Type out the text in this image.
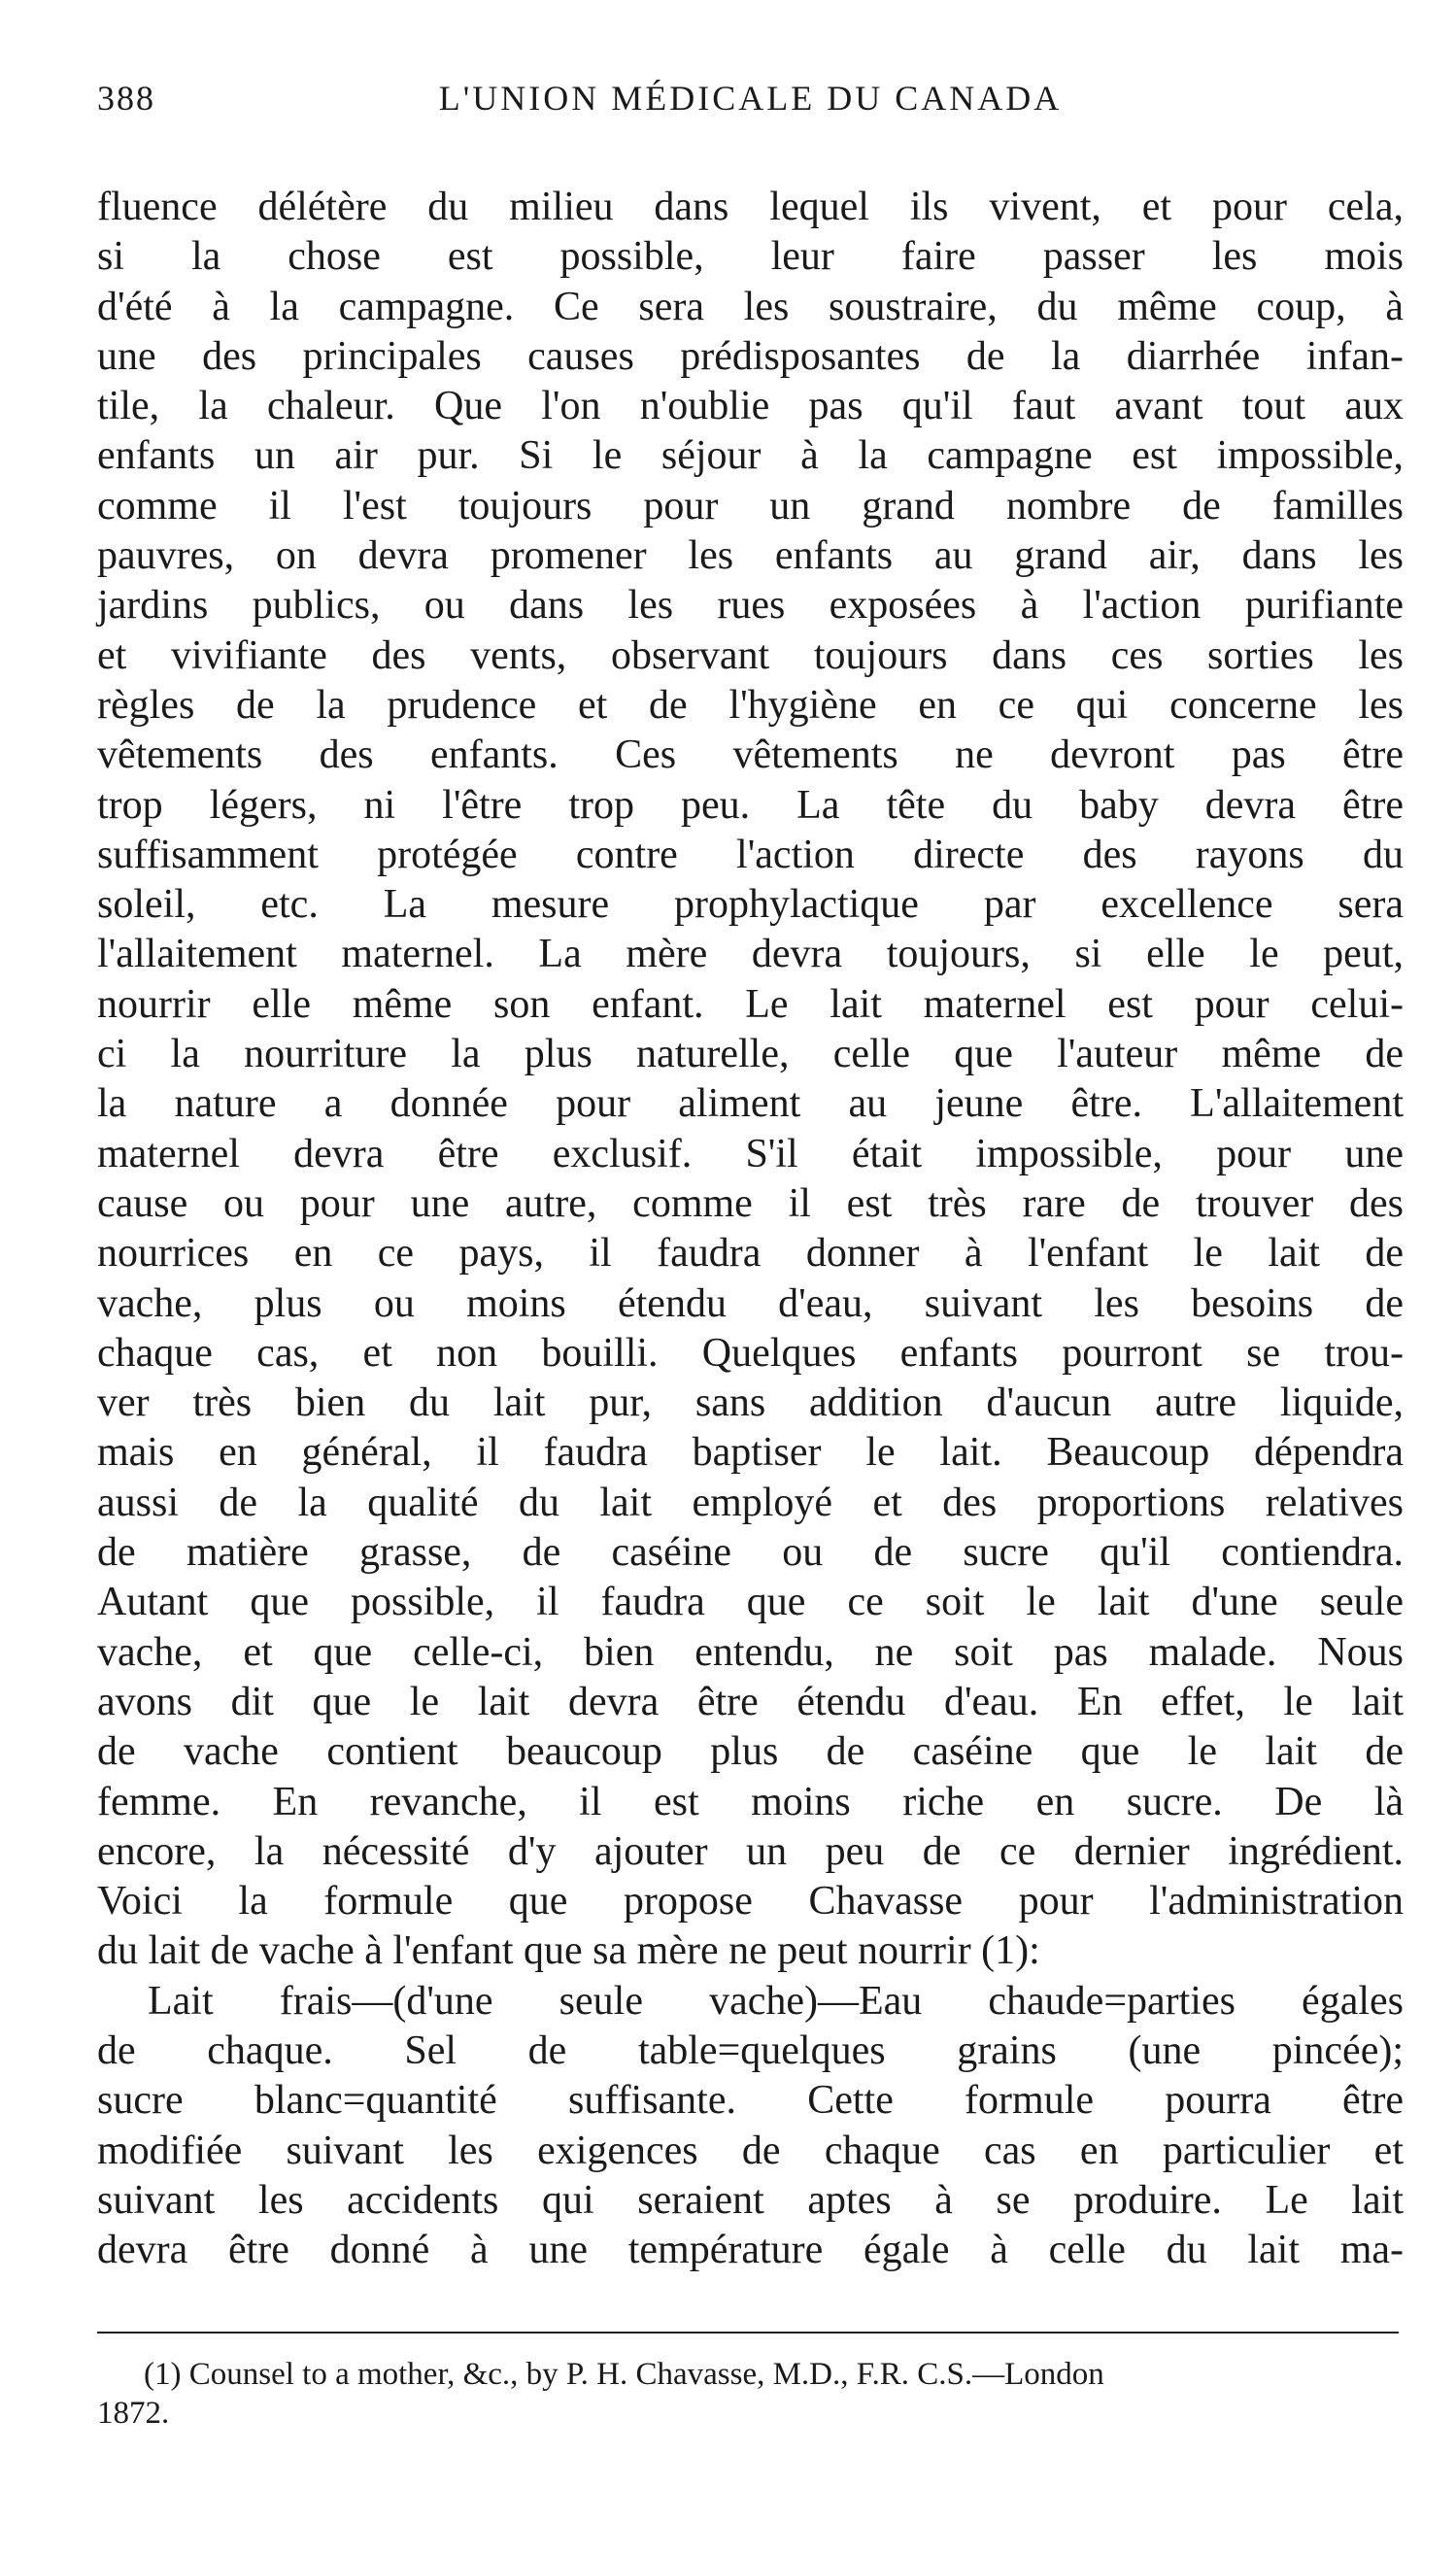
388	L'UNION MÉDICALE DU CANADA
fluence délétère du milieu dans lequel ils vivent, et pour cela,
si la chose est possible, leur faire passer les mois
d'été à la campagne. Ce sera les soustraire, du même coup, à
une des principales causes prédisposantes de la diarrhée infan-
tile, la chaleur. Que l'on n'oublie pas qu'il faut avant tout aux
enfants un air pur. Si le séjour à la campagne est impossible,
comme il l'est toujours pour un grand nombre de familles
pauvres, on devra promener les enfants au grand air, dans les
jardins publics, ou dans les rues exposées à l'action purifiante
et vivifiante des vents, observant toujours dans ces sorties les
règles de la prudence et de l'hygiène en ce qui concerne les
vêtements des enfants. Ces vêtements ne devront pas être
trop légers, ni l'être trop peu. La tête du baby devra être
suffisamment protégée contre l'action directe des rayons du
soleil, etc. La mesure prophylactique par excellence sera
l'allaitement maternel. La mère devra toujours, si elle le peut,
nourrir elle même son enfant. Le lait maternel est pour celui-
ci la nourriture la plus naturelle, celle que l'auteur même de
la nature a donnée pour aliment au jeune être. L'allaitement
maternel devra être exclusif. S'il était impossible, pour une
cause ou pour une autre, comme il est très rare de trouver des
nourrices en ce pays, il faudra donner à l'enfant le lait de
vache, plus ou moins étendu d'eau, suivant les besoins de
chaque cas, et non bouilli. Quelques enfants pourront se trou-
ver très bien du lait pur, sans addition d'aucun autre liquide,
mais en général, il faudra baptiser le lait. Beaucoup dépendra
aussi de la qualité du lait employé et des proportions relatives
de matière grasse, de caséine ou de sucre qu'il contiendra.
Autant que possible, il faudra que ce soit le lait d'une seule
vache, et que celle-ci, bien entendu, ne soit pas malade. Nous
avons dit que le lait devra être étendu d'eau. En effet, le lait
de vache contient beaucoup plus de caséine que le lait de
femme. En revanche, il est moins riche en sucre. De là
encore, la nécessité d'y ajouter un peu de ce dernier ingrédient.
Voici la formule que propose Chavasse pour l'administration
du lait de vache à l'enfant que sa mère ne peut nourrir (1):
Lait frais—(d'une seule vache)—Eau chaude=parties égales
de chaque. Sel de table=quelques grains (une pincée);
sucre blanc=quantité suffisante. Cette formule pourra être
modifiée suivant les exigences de chaque cas en particulier et
suivant les accidents qui seraient aptes à se produire. Le lait
devra être donné à une température égale à celle du lait ma-
(1) Counsel to a mother, &c., by P. H. Chavasse, M.D., F.R. C.S.—London
1872.
